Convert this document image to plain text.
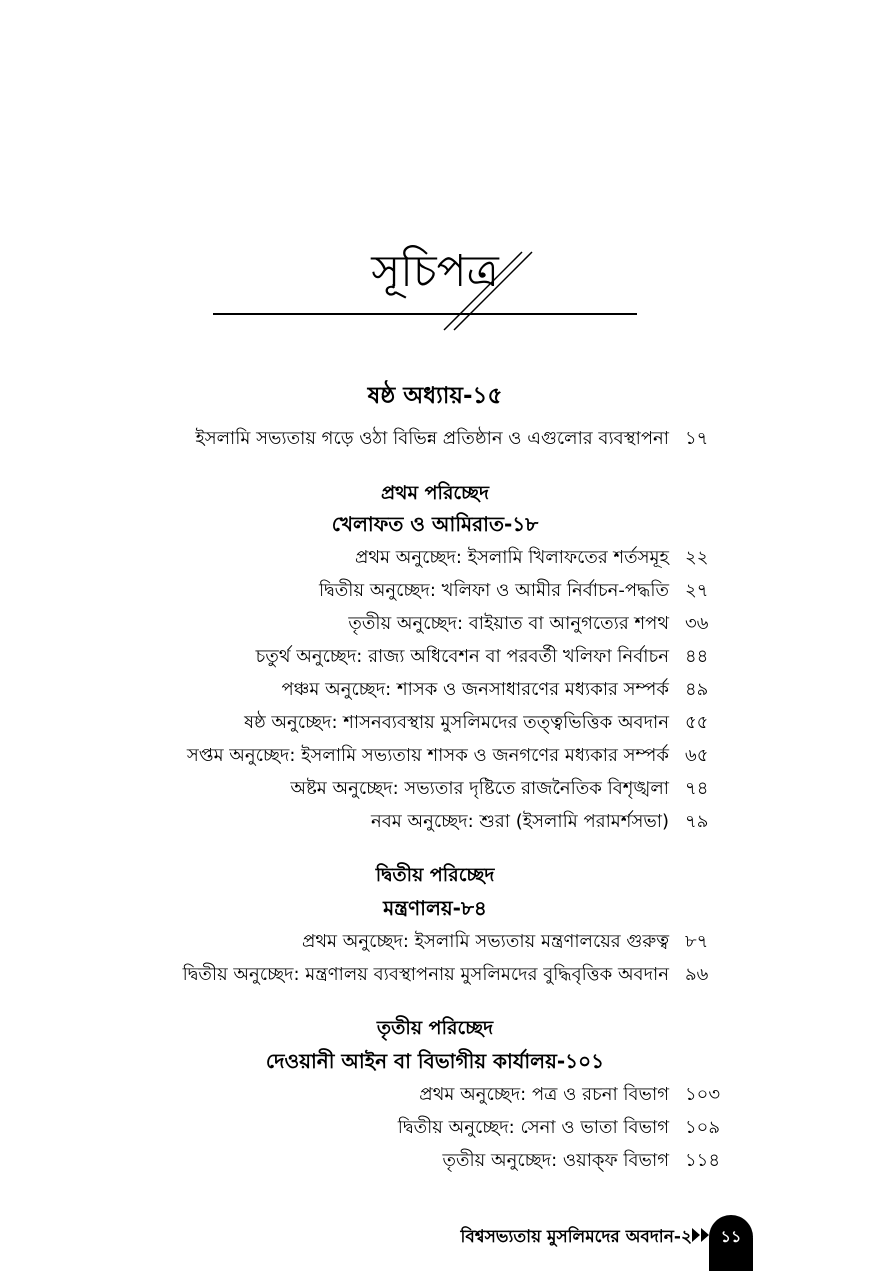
সূচিপত্র
ষষ্ঠ অধ্যায়-১৫
ইসলামি সভ্যতায় গড়ে ওঠা বিভিন্ন প্রতিষ্ঠান ও এগুলোর ব্যবস্থাপনা ১৭
প্রথম পরিচ্ছেদ
খেলাফত ও আমিরাত-১৮
প্রথম অনুচ্ছেদ: ইসলামি খিলাফতের শর্তসমূহ ২২
দ্বিতীয় অনুচ্ছেদ: খলিফা ও আমীর নির্বাচন-পদ্ধতি ২৭
তৃতীয় অনুচ্ছেদ: বাইয়াত বা আনুগত্যের শপথ ৩৬
চতুর্থ অনুচ্ছেদ: রাজ্য অধিবেশন বা পরবর্তী খলিফা নির্বাচন ৪৪
পঞ্চম অনুচ্ছেদ: শাসক ও জনসাধারণের মধ্যকার সম্পর্ক ৪৯
ষষ্ঠ অনুচ্ছেদ: শাসনব্যবস্থায় মুসলিমদের তত্ত্বভিত্তিক অবদান ৫৫
সপ্তম অনুচ্ছেদ: ইসলামি সভ্যতায় শাসক ও জনগণের মধ্যকার সম্পর্ক ৬৫
অষ্টম অনুচ্ছেদ: সভ্যতার দৃষ্টিতে রাজনৈতিক বিশৃঙ্খলা ৭৪
নবম অনুচ্ছেদ: শুরা (ইসলামি পরামর্শসভা) ৭৯
দ্বিতীয় পরিচ্ছেদ
মন্ত্রণালয়-৮৪
প্রথম অনুচ্ছেদ: ইসলামি সভ্যতায় মন্ত্রণালয়ের গুরুত্ব ৮৭
দ্বিতীয় অনুচ্ছেদ: মন্ত্রণালয় ব্যবস্থাপনায় মুসলিমদের বুদ্ধিবৃত্তিক অবদান ৯৬
তৃতীয় পরিচ্ছেদ
দেওয়ানী আইন বা বিভাগীয় কার্যালয়-১০১
প্রথম অনুচ্ছেদ: পত্র ও রচনা বিভাগ ১০৩
দ্বিতীয় অনুচ্ছেদ: সেনা ও ভাতা বিভাগ ১০৯
তৃতীয় অনুচ্ছেদ: ওয়াক্ফ বিভাগ ১১৪
বিশ্বসভ্যতায় মুসলিমদের অবদান-২	১১
